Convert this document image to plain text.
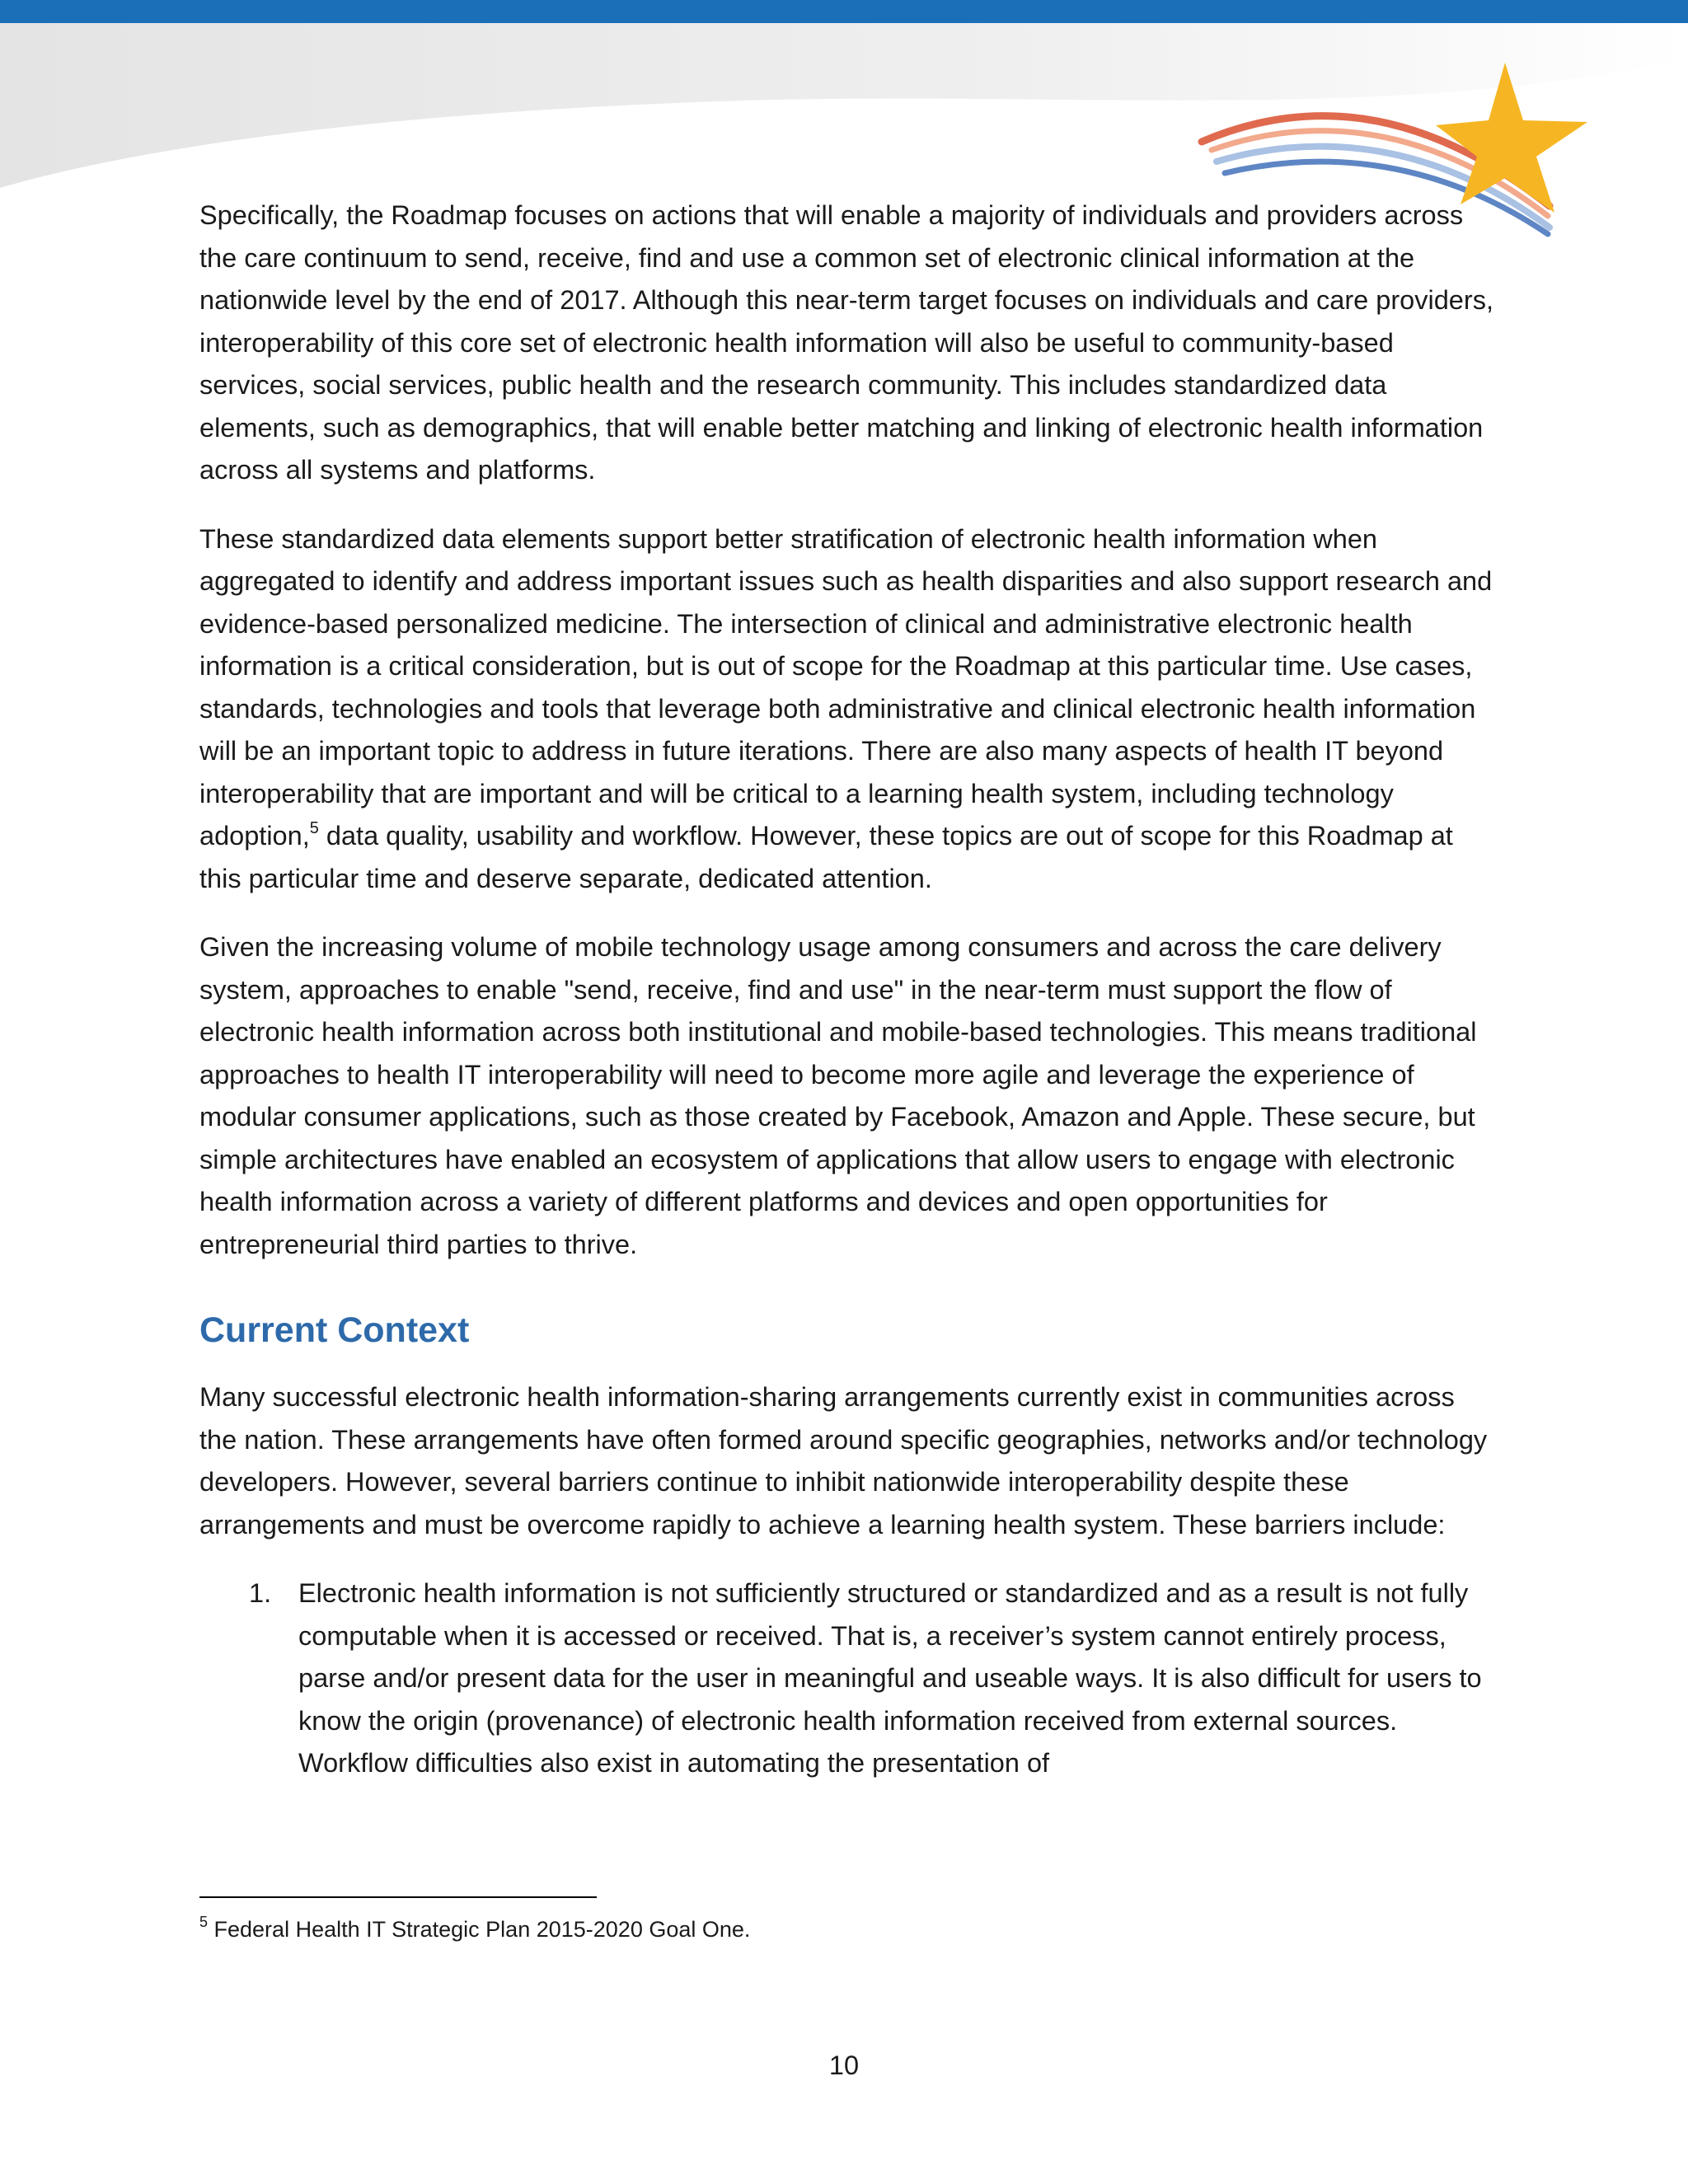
Specifically, the Roadmap focuses on actions that will enable a majority of individuals and providers across the care continuum to send, receive, find and use a common set of electronic clinical information at the nationwide level by the end of 2017. Although this near-term target focuses on individuals and care providers, interoperability of this core set of electronic health information will also be useful to community-based services, social services, public health and the research community. This includes standardized data elements, such as demographics, that will enable better matching and linking of electronic health information across all systems and platforms.

These standardized data elements support better stratification of electronic health information when aggregated to identify and address important issues such as health disparities and also support research and evidence-based personalized medicine. The intersection of clinical and administrative electronic health information is a critical consideration, but is out of scope for the Roadmap at this particular time. Use cases, standards, technologies and tools that leverage both administrative and clinical electronic health information will be an important topic to address in future iterations. There are also many aspects of health IT beyond interoperability that are important and will be critical to a learning health system, including technology adoption,$^5$ data quality, usability and workflow. However, these topics are out of scope for this Roadmap at this particular time and deserve separate, dedicated attention.

Given the increasing volume of mobile technology usage among consumers and across the care delivery system, approaches to enable "send, receive, find and use" in the near-term must support the flow of electronic health information across both institutional and mobile-based technologies. This means traditional approaches to health IT interoperability will need to become more agile and leverage the experience of modular consumer applications, such as those created by Facebook, Amazon and Apple. These secure, but simple architectures have enabled an ecosystem of applications that allow users to engage with electronic health information across a variety of different platforms and devices and open opportunities for entrepreneurial third parties to thrive.

Current Context

Many successful electronic health information-sharing arrangements currently exist in communities across the nation. These arrangements have often formed around specific geographies, networks and/or technology developers. However, several barriers continue to inhibit nationwide interoperability despite these arrangements and must be overcome rapidly to achieve a learning health system. These barriers include:

1. Electronic health information is not sufficiently structured or standardized and as a result is not fully computable when it is accessed or received. That is, a receiver’s system cannot entirely process, parse and/or present data for the user in meaningful and useable ways. It is also difficult for users to know the origin (provenance) of electronic health information received from external sources. Workflow difficulties also exist in automating the presentation of
$^5$ Federal Health IT Strategic Plan 2015-2020 Goal One.
10
